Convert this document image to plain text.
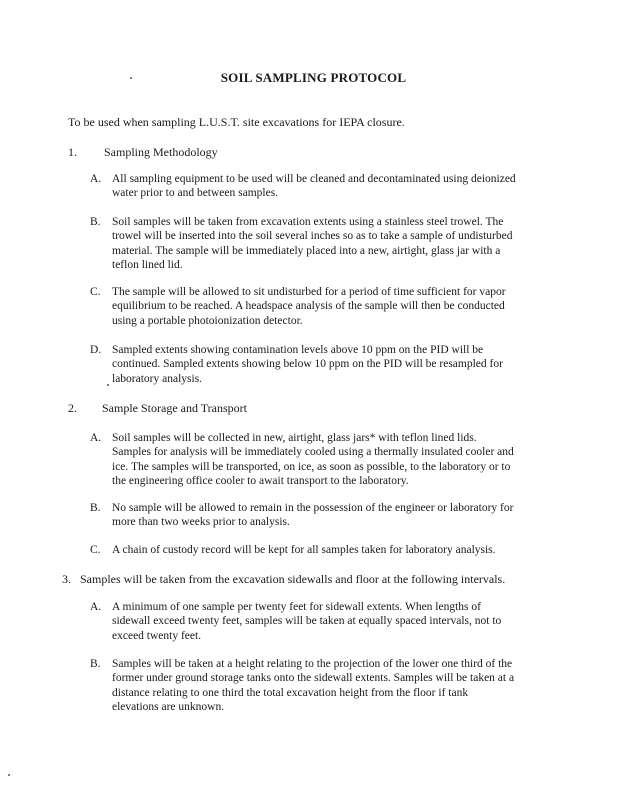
SOIL SAMPLING PROTOCOL
To be used when sampling L.U.S.T. site excavations for IEPA closure.
1. Sampling Methodology
A. All sampling equipment to be used will be cleaned and decontaminated using deionized
water prior to and between samples.
B. Soil samples will be taken from excavation extents using a stainless steel trowel. The
trowel will be inserted into the soil several inches so as to take a sample of undisturbed
material. The sample will be immediately placed into a new, airtight, glass jar with a
teflon lined lid.
C. The sample will be allowed to sit undisturbed for a period of time sufficient for vapor
equilibrium to be reached. A headspace analysis of the sample will then be conducted
using a portable photoionization detector.
D. Sampled extents showing contamination levels above 10 ppm on the PID will be
continued. Sampled extents showing below 10 ppm on the PID will be resampled for
laboratory analysis.
2. Sample Storage and Transport
A. Soil samples will be collected in new, airtight, glass jars* with teflon lined lids.
Samples for analysis will be immediately cooled using a thermally insulated cooler and
ice. The samples will be transported, on ice, as soon as possible, to the laboratory or to
the engineering office cooler to await transport to the laboratory.
B. No sample will be allowed to remain in the possession of the engineer or laboratory for
more than two weeks prior to analysis.
C. A chain of custody record will be kept for all samples taken for laboratory analysis.
3. Samples will be taken from the excavation sidewalls and floor at the following intervals.
A. A minimum of one sample per twenty feet for sidewall extents. When lengths of
sidewall exceed twenty feet, samples will be taken at equally spaced intervals, not to
exceed twenty feet.
B. Samples will be taken at a height relating to the projection of the lower one third of the
former under ground storage tanks onto the sidewall extents. Samples will be taken at a
distance relating to one third the total excavation height from the floor if tank
elevations are unknown.
